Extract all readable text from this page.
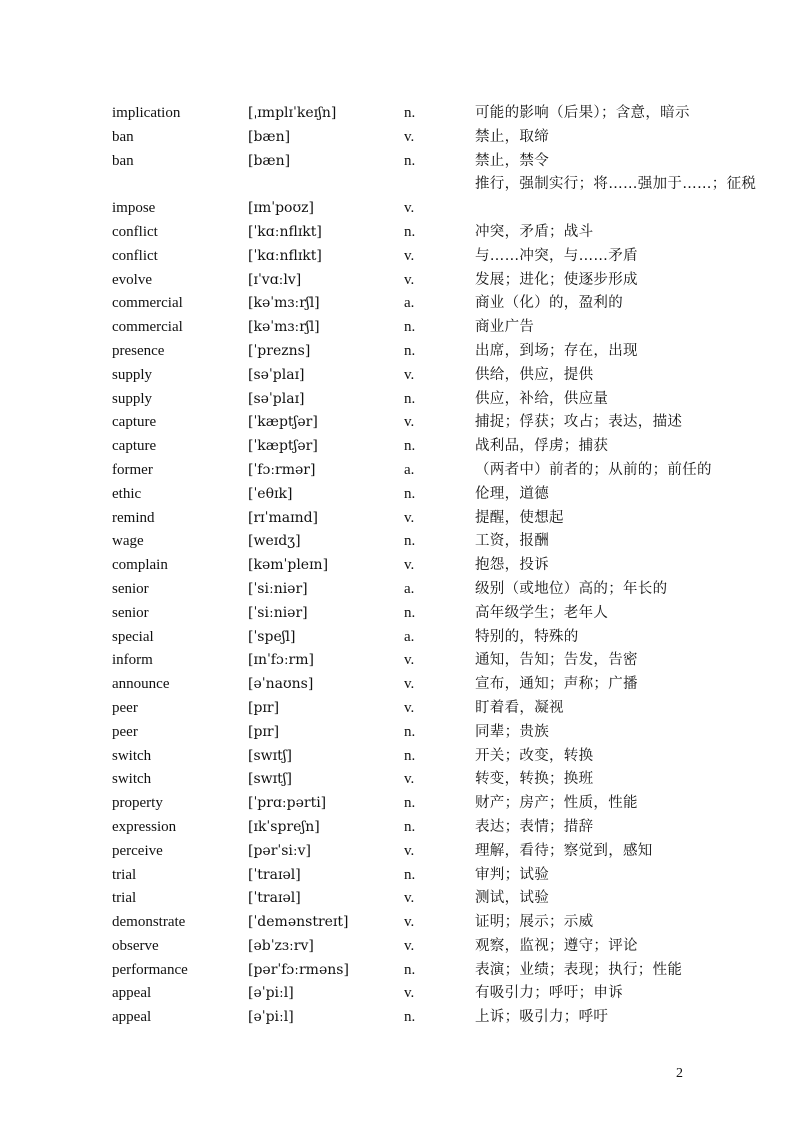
implication	[ˌɪmplɪˈkeɪʃn]	n.	可能的影响（后果）；含意，暗示
ban	[bæn]	v.	禁止，取缔
ban	[bæn]	n.	禁止，禁令
impose	[ɪmˈpoʊz]	v.
推行，强制实行；将……强加于……；征税
conflict	[ˈkɑːnflɪkt]	n.	冲突，矛盾；战斗
conflict	[ˈkɑːnflɪkt]	v.	与……冲突，与……矛盾
evolve	[ɪˈvɑːlv]	v.	发展；进化；使逐步形成
commercial	[kəˈmɜːrʃl]	a.	商业（化）的，盈利的
commercial	[kəˈmɜːrʃl]	n.	商业广告
presence	[ˈprezns]	n.	出席，到场；存在，出现
supply	[səˈplaɪ]	v.	供给，供应，提供
supply	[səˈplaɪ]	n.	供应，补给，供应量
capture	[ˈkæptʃər]	v.	捕捉；俘获；攻占；表达，描述
capture	[ˈkæptʃər]	n.	战利品，俘虏；捕获
former	[ˈfɔːrmər]	a.	（两者中）前者的；从前的；前任的
ethic	[ˈeθɪk]	n.	伦理，道德
remind	[rɪˈmaɪnd]	v.	提醒，使想起
wage	[weɪdʒ]	n.	工资，报酬
complain	[kəmˈpleɪn]	v.	抱怨，投诉
senior	[ˈsiːniər]	a.	级别（或地位）高的；年长的
senior	[ˈsiːniər]	n.	高年级学生；老年人
special	[ˈspeʃl]	a.	特别的，特殊的
inform	[ɪnˈfɔːrm]	v.	通知，告知；告发，告密
announce	[əˈnaʊns]	v.	宣布，通知；声称；广播
peer	[pɪr]	v.	盯着看，凝视
peer	[pɪr]	n.	同辈；贵族
switch	[swɪtʃ]	n.	开关；改变，转换
switch	[swɪtʃ]	v.	转变，转换；换班
property	[ˈprɑːpərti]	n.	财产；房产；性质，性能
expression	[ɪkˈspreʃn]	n.	表达；表情；措辞
perceive	[pərˈsiːv]	v.	理解，看待；察觉到，感知
trial	[ˈtraɪəl]	n.	审判；试验
trial	[ˈtraɪəl]	v.	测试，试验
demonstrate	[ˈdemənstreɪt]	v.	证明；展示；示威
observe	[əbˈzɜːrv]	v.	观察，监视；遵守；评论
performance	[pərˈfɔːrməns]	n.	表演；业绩；表现；执行；性能
appeal	[əˈpiːl]	v.	有吸引力；呼吁；申诉
appeal	[əˈpiːl]	n.	上诉；吸引力；呼吁
2
